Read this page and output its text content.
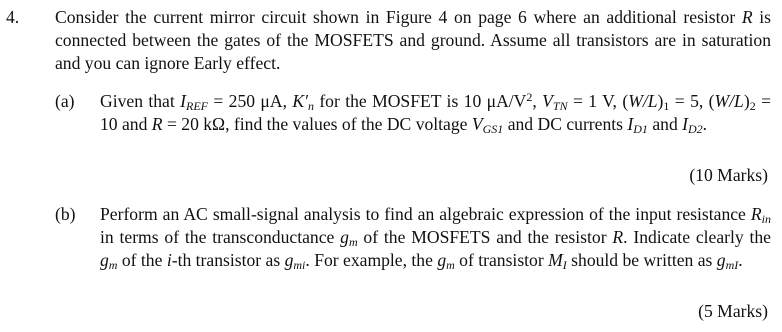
4. Consider the current mirror circuit shown in Figure 4 on page 6 where an additional resistor R is connected between the gates of the MOSFETS and ground. Assume all transistors are in saturation and you can ignore Early effect.
(a) Given that $I_{REF} = 250$ μA, $K'_n$ for the MOSFET is 10 $\mu A/V^2$, $V_{TN} = 1$ V, $(W/L)_1 = 5$, $(W/L)_2 = 10$ and R = 20 kΩ, find the values of the DC voltage $V_{GS1}$ and DC currents $I_{D1}$ and $I_{D2}$.
(10 Marks)
(b) Perform an AC small-signal analysis to find an algebraic expression of the input resistance $R_{in}$ in terms of the transconductance $g_m$ of the MOSFETS and the resistor R. Indicate clearly the $g_m$ of the i-th transistor as $g_{mi}$. For example, the $g_m$ of transistor $M_I$ should be written as $g_{mI}$.
(5 Marks)
